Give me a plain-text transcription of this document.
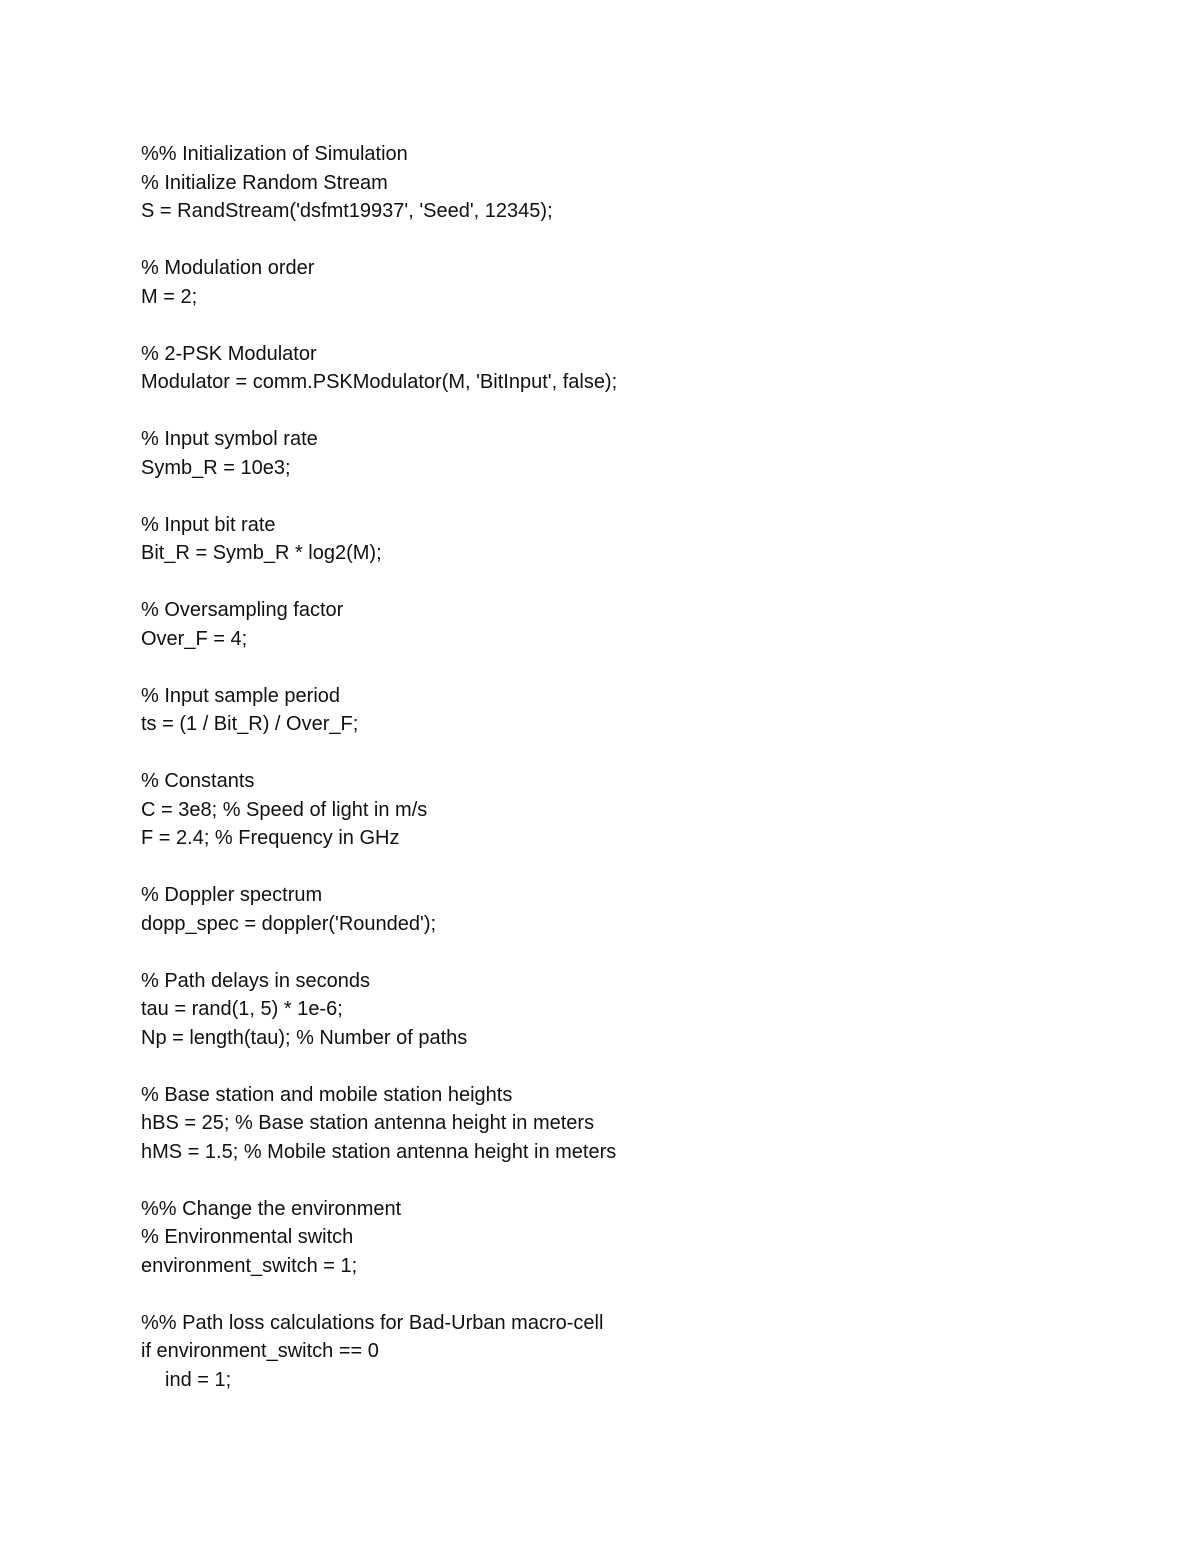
%% Initialization of Simulation
% Initialize Random Stream
S = RandStream('dsfmt19937', 'Seed', 12345);
% Modulation order
M = 2;
% 2-PSK Modulator
Modulator = comm.PSKModulator(M, 'BitInput', false);
% Input symbol rate
Symb_R = 10e3;
% Input bit rate
Bit_R = Symb_R * log2(M);
% Oversampling factor
Over_F = 4;
% Input sample period
ts = (1 / Bit_R) / Over_F;
% Constants
C = 3e8; % Speed of light in m/s
F = 2.4; % Frequency in GHz
% Doppler spectrum
dopp_spec = doppler('Rounded');
% Path delays in seconds
tau = rand(1, 5) * 1e-6;
Np = length(tau); % Number of paths
% Base station and mobile station heights
hBS = 25; % Base station antenna height in meters
hMS = 1.5; % Mobile station antenna height in meters
%% Change the environment
% Environmental switch
environment_switch = 1;
%% Path loss calculations for Bad-Urban macro-cell
if environment_switch == 0
ind = 1;
